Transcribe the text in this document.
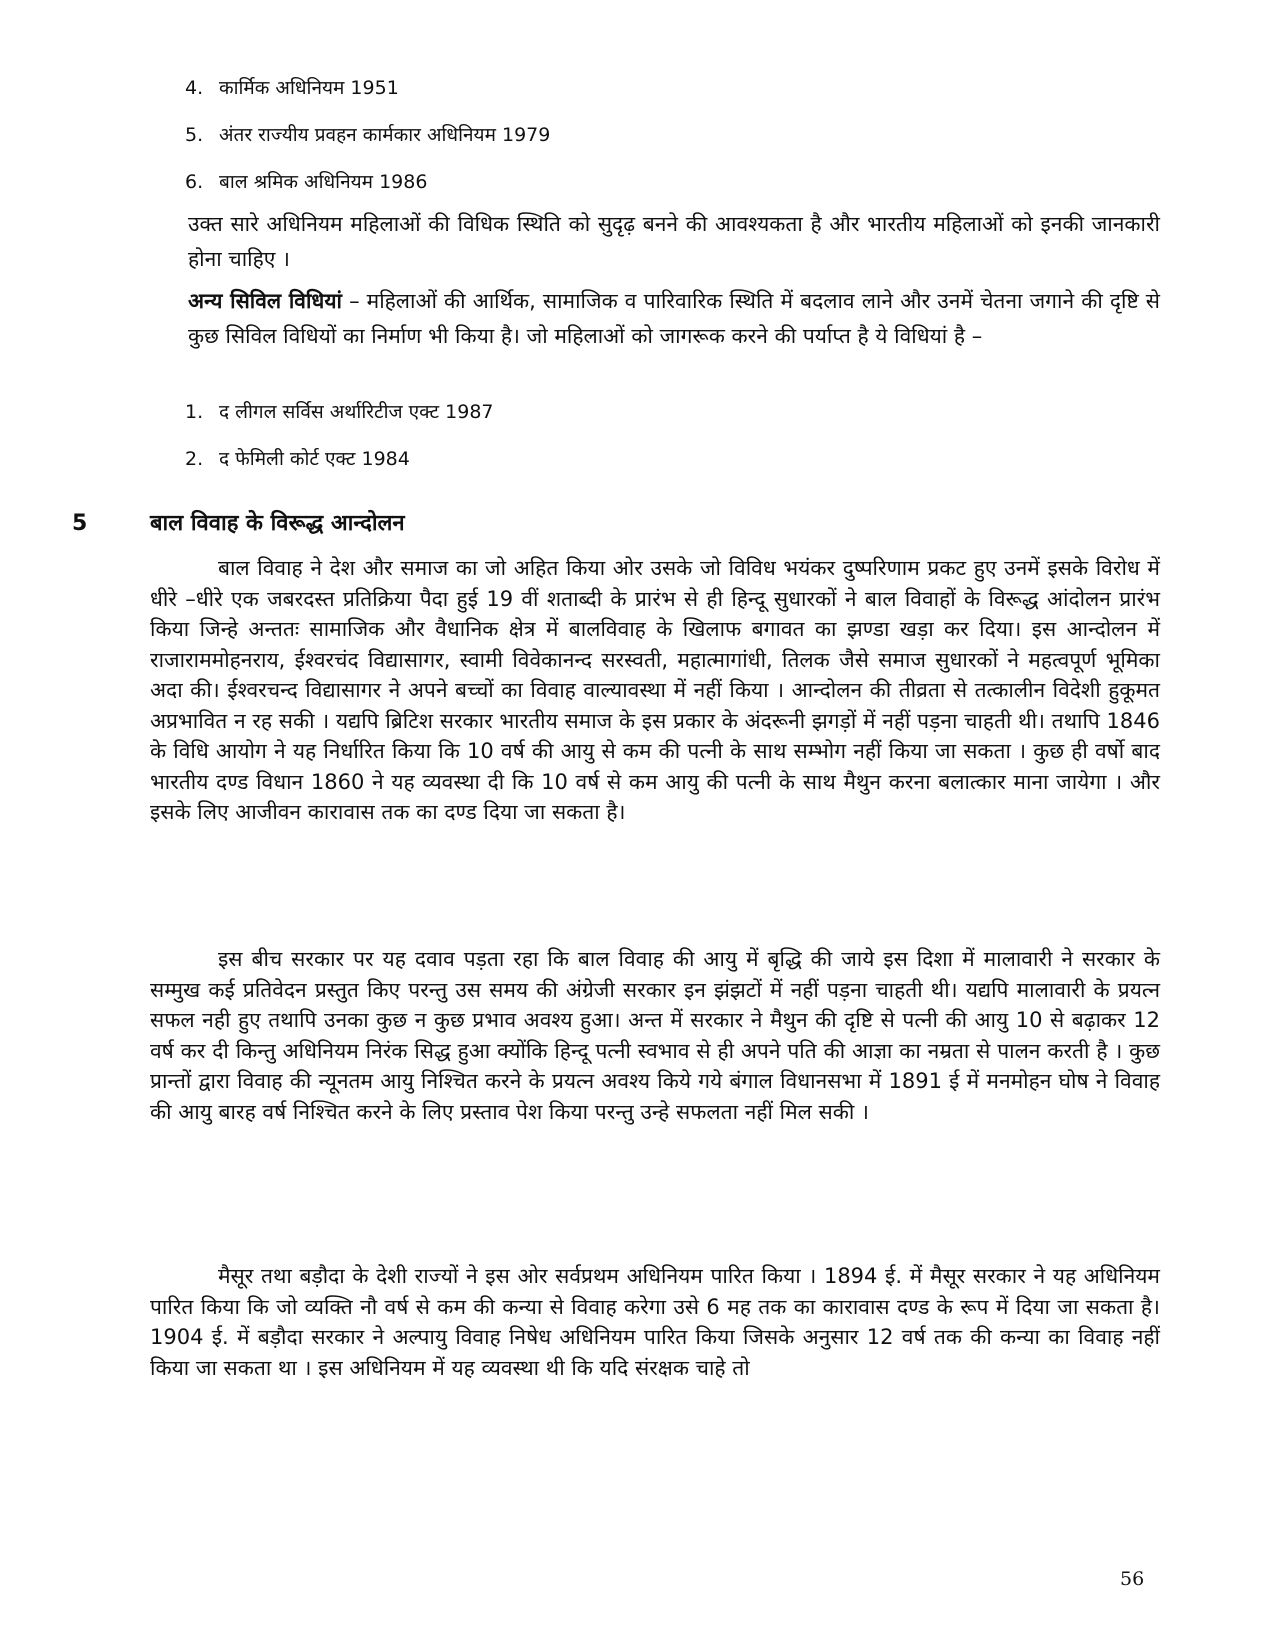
4. कार्मिक अधिनियम 1951
5. अंतर राज्यीय प्रवहन कार्मकार अधिनियम 1979
6. बाल श्रमिक अधिनियम 1986

उक्त सारे अधिनियम महिलाओं की विधिक स्थिति को सुदृढ़ बनने की आवश्यकता है और भारतीय महिलाओं को इनकी जानकारी होना चाहिए ।

अन्य सिविल विधियां – महिलाओं की आर्थिक, सामाजिक व पारिवारिक स्थिति में बदलाव लाने और उनमें चेतना जगाने की दृष्टि से कुछ सिविल विधियों का निर्माण भी किया है। जो महिलाओं को जागरूक करने की पर्याप्त है ये विधियां है –

1. द लीगल सर्विस अर्थारिटीज एक्ट 1987
2. द फेमिली कोर्ट एक्ट 1984
5	बाल विवाह के विरूद्ध आन्दोलन

बाल विवाह ने देश और समाज का जो अहित किया ओर उसके जो विविध भयंकर दुष्परिणाम प्रकट हुए उनमें इसके विरोध में धीरे –धीरे एक जबरदस्त प्रतिक्रिया पैदा हुई 19 वीं शताब्दी के प्रारंभ से ही हिन्दू सुधारकों ने बाल विवाहों के विरूद्ध आंदोलन प्रारंभ किया जिन्हे अन्ततः सामाजिक और वैधानिक क्षेत्र में बालविवाह के खिलाफ बगावत का झण्डा खड़ा कर दिया। इस आन्दोलन में राजाराममोहनराय, ईश्वरचंद विद्यासागर, स्वामी विवेकानन्द सरस्वती, महात्मागांधी, तिलक जैसे समाज सुधारकों ने महत्वपूर्ण भूमिका अदा की। ईश्वरचन्द विद्यासागर ने अपने बच्चों का विवाह वाल्यावस्था में नहीं किया । आन्दोलन की तीव्रता से तत्कालीन विदेशी हुकूमत अप्रभावित न रह सकी । यद्यपि ब्रिटिश सरकार भारतीय समाज के इस प्रकार के अंदरूनी झगड़ों में नहीं पड़ना चाहती थी। तथापि 1846 के विधि आयोग ने यह निर्धारित किया कि 10 वर्ष की आयु से कम की पत्नी के साथ सम्भोग नहीं किया जा सकता । कुछ ही वर्षो बाद भारतीय दण्ड विधान 1860 ने यह व्यवस्था दी कि 10 वर्ष से कम आयु की पत्नी के साथ मैथुन करना बलात्कार माना जायेगा । और इसके लिए आजीवन कारावास तक का दण्ड दिया जा सकता है।

इस बीच सरकार पर यह दवाव पड़ता रहा कि बाल विवाह की आयु में बृद्धि की जाये इस दिशा में मालावारी ने सरकार के सम्मुख कई प्रतिवेदन प्रस्तुत किए परन्तु उस समय की अंग्रेजी सरकार इन झंझटों में नहीं पड़ना चाहती थी। यद्यपि मालावारी के प्रयत्न सफल नही हुए तथापि उनका कुछ न कुछ प्रभाव अवश्य हुआ। अन्त में सरकार ने मैथुन की दृष्टि से पत्नी की आयु 10 से बढ़ाकर 12 वर्ष कर दी किन्तु अधिनियम निरंक सिद्ध हुआ क्योंकि हिन्दू पत्नी स्वभाव से ही अपने पति की आज्ञा का नम्रता से पालन करती है । कुछ प्रान्तों द्वारा विवाह की न्यूनतम आयु निश्चित करने के प्रयत्न अवश्य किये गये बंगाल विधानसभा में 1891 ई में मनमोहन घोष ने विवाह की आयु बारह वर्ष निश्चित करने के लिए प्रस्ताव पेश किया परन्तु उन्हे सफलता नहीं मिल सकी ।

मैसूर तथा बड़ौदा के देशी राज्यों ने इस ओर सर्वप्रथम अधिनियम पारित किया । 1894 ई. में मैसूर सरकार ने यह अधिनियम पारित किया कि जो व्यक्ति नौ वर्ष से कम की कन्या से विवाह करेगा उसे 6 मह तक का कारावास दण्ड के रूप में दिया जा सकता है। 1904 ई. में बड़ौदा सरकार ने अल्पायु विवाह निषेध अधिनियम पारित किया जिसके अनुसार 12 वर्ष तक की कन्या का विवाह नहीं किया जा सकता था । इस अधिनियम में यह व्यवस्था थी कि यदि संरक्षक चाहे तो

56
